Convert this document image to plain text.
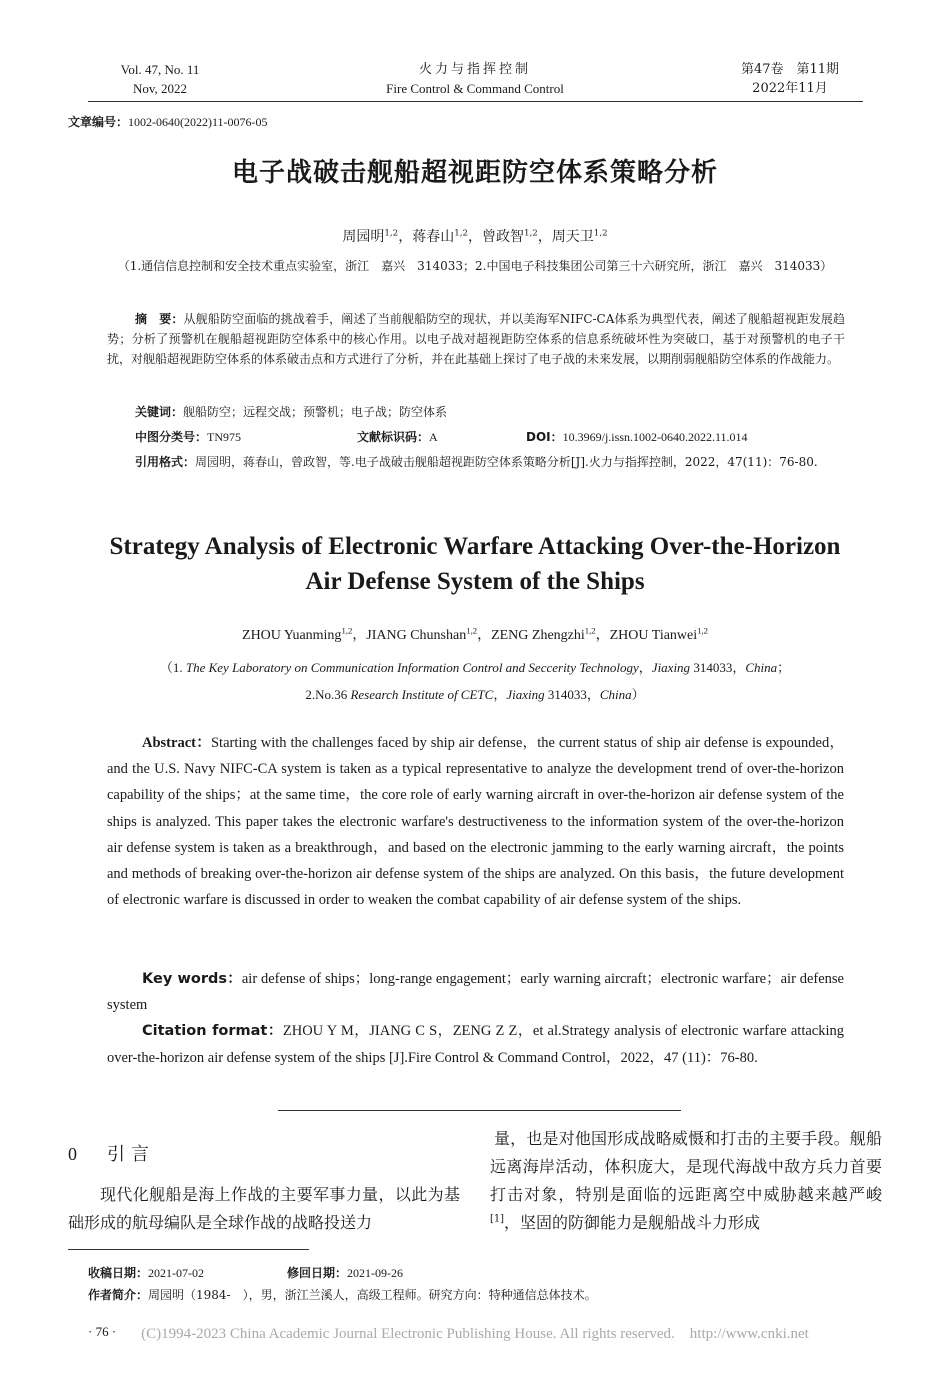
Vol. 47, No. 11
Nov, 2022
火力与指挥控制
Fire Control & Command Control
第47卷　第11期
2022年11月
文章编号：1002-0640(2022)11-0076-05
电子战破击舰船超视距防空体系策略分析
周园明$^{1,2}$，蒋春山$^{1,2}$，曾政智$^{1,2}$，周天卫$^{1,2}$
（1.通信信息控制和安全技术重点实验室，浙江　嘉兴　314033；2.中国电子科技集团公司第三十六研究所，浙江　嘉兴　314033）
摘　要：从舰船防空面临的挑战着手，阐述了当前舰船防空的现状，并以美海军NIFC-CA体系为典型代表，阐述了舰船超视距发展趋势；分析了预警机在舰船超视距防空体系中的核心作用。以电子战对超视距防空体系的信息系统破坏性为突破口，基于对预警机的电子干扰，对舰船超视距防空体系的体系破击点和方式进行了分析，并在此基础上探讨了电子战的未来发展，以期削弱舰船防空体系的作战能力。
关键词：舰船防空；远程交战；预警机；电子战；防空体系
中图分类号：TN975	文献标识码：A	DOI：10.3969/j.issn.1002-0640.2022.11.014
引用格式：周园明，蒋春山，曾政智，等.电子战破击舰船超视距防空体系策略分析[J].火力与指挥控制，2022，47(11)：76-80.
Strategy Analysis of Electronic Warfare Attacking Over-the-Horizon
Air Defense System of the Ships
ZHOU Yuanming$^{1,2}$，JIANG Chunshan$^{1,2}$，ZENG Zhengzhi$^{1,2}$，ZHOU Tianwei$^{1,2}$
（1. The Key Laboratory on Communication Information Control and Seccerity Technology，Jiaxing 314033，China；
2.No.36 Research Institute of CETC，Jiaxing 314033，China）
Abstract：Starting with the challenges faced by ship air defense，the current status of ship air defense is expounded，and the U.S. Navy NIFC-CA system is taken as a typical representative to analyze the development trend of over-the-horizon capability of the ships；at the same time，the core role of early warning aircraft in over-the-horizon air defense system of the ships is analyzed. This paper takes the electronic warfare's destructiveness to the information system of the over-the-horizon air defense system is taken as a breakthrough，and based on the electronic jamming to the early warning aircraft，the points and methods of breaking over-the-horizon air defense system of the ships are analyzed. On this basis，the future development of electronic warfare is discussed in order to weaken the combat capability of air defense system of the ships.
Key words：air defense of ships；long-range engagement；early warning aircraft；electronic warfare；air defense system
Citation format：ZHOU Y M，JIANG C S，ZENG Z Z，et al.Strategy analysis of electronic warfare attacking over-the-horizon air defense system of the ships [J].Fire Control & Command Control，2022，47 (11)：76-80.
0 引言
现代化舰船是海上作战的主要军事力量，以此为基础形成的航母编队是全球作战的战略投送力
量，也是对他国形成战略威慑和打击的主要手段。舰船远离海岸活动，体积庞大，是现代海战中敌方兵力首要打击对象，特别是面临的远距离空中威胁越来越严峻[1]，坚固的防御能力是舰船战斗力形成
收稿日期：2021-07-02	修回日期：2021-09-26
作者简介：周园明（1984-　），男，浙江兰溪人，高级工程师。研究方向：特种通信总体技术。
· 76 ·	(C)1994-2023 China Academic Journal Electronic Publishing House. All rights reserved.　http://www.cnki.net
